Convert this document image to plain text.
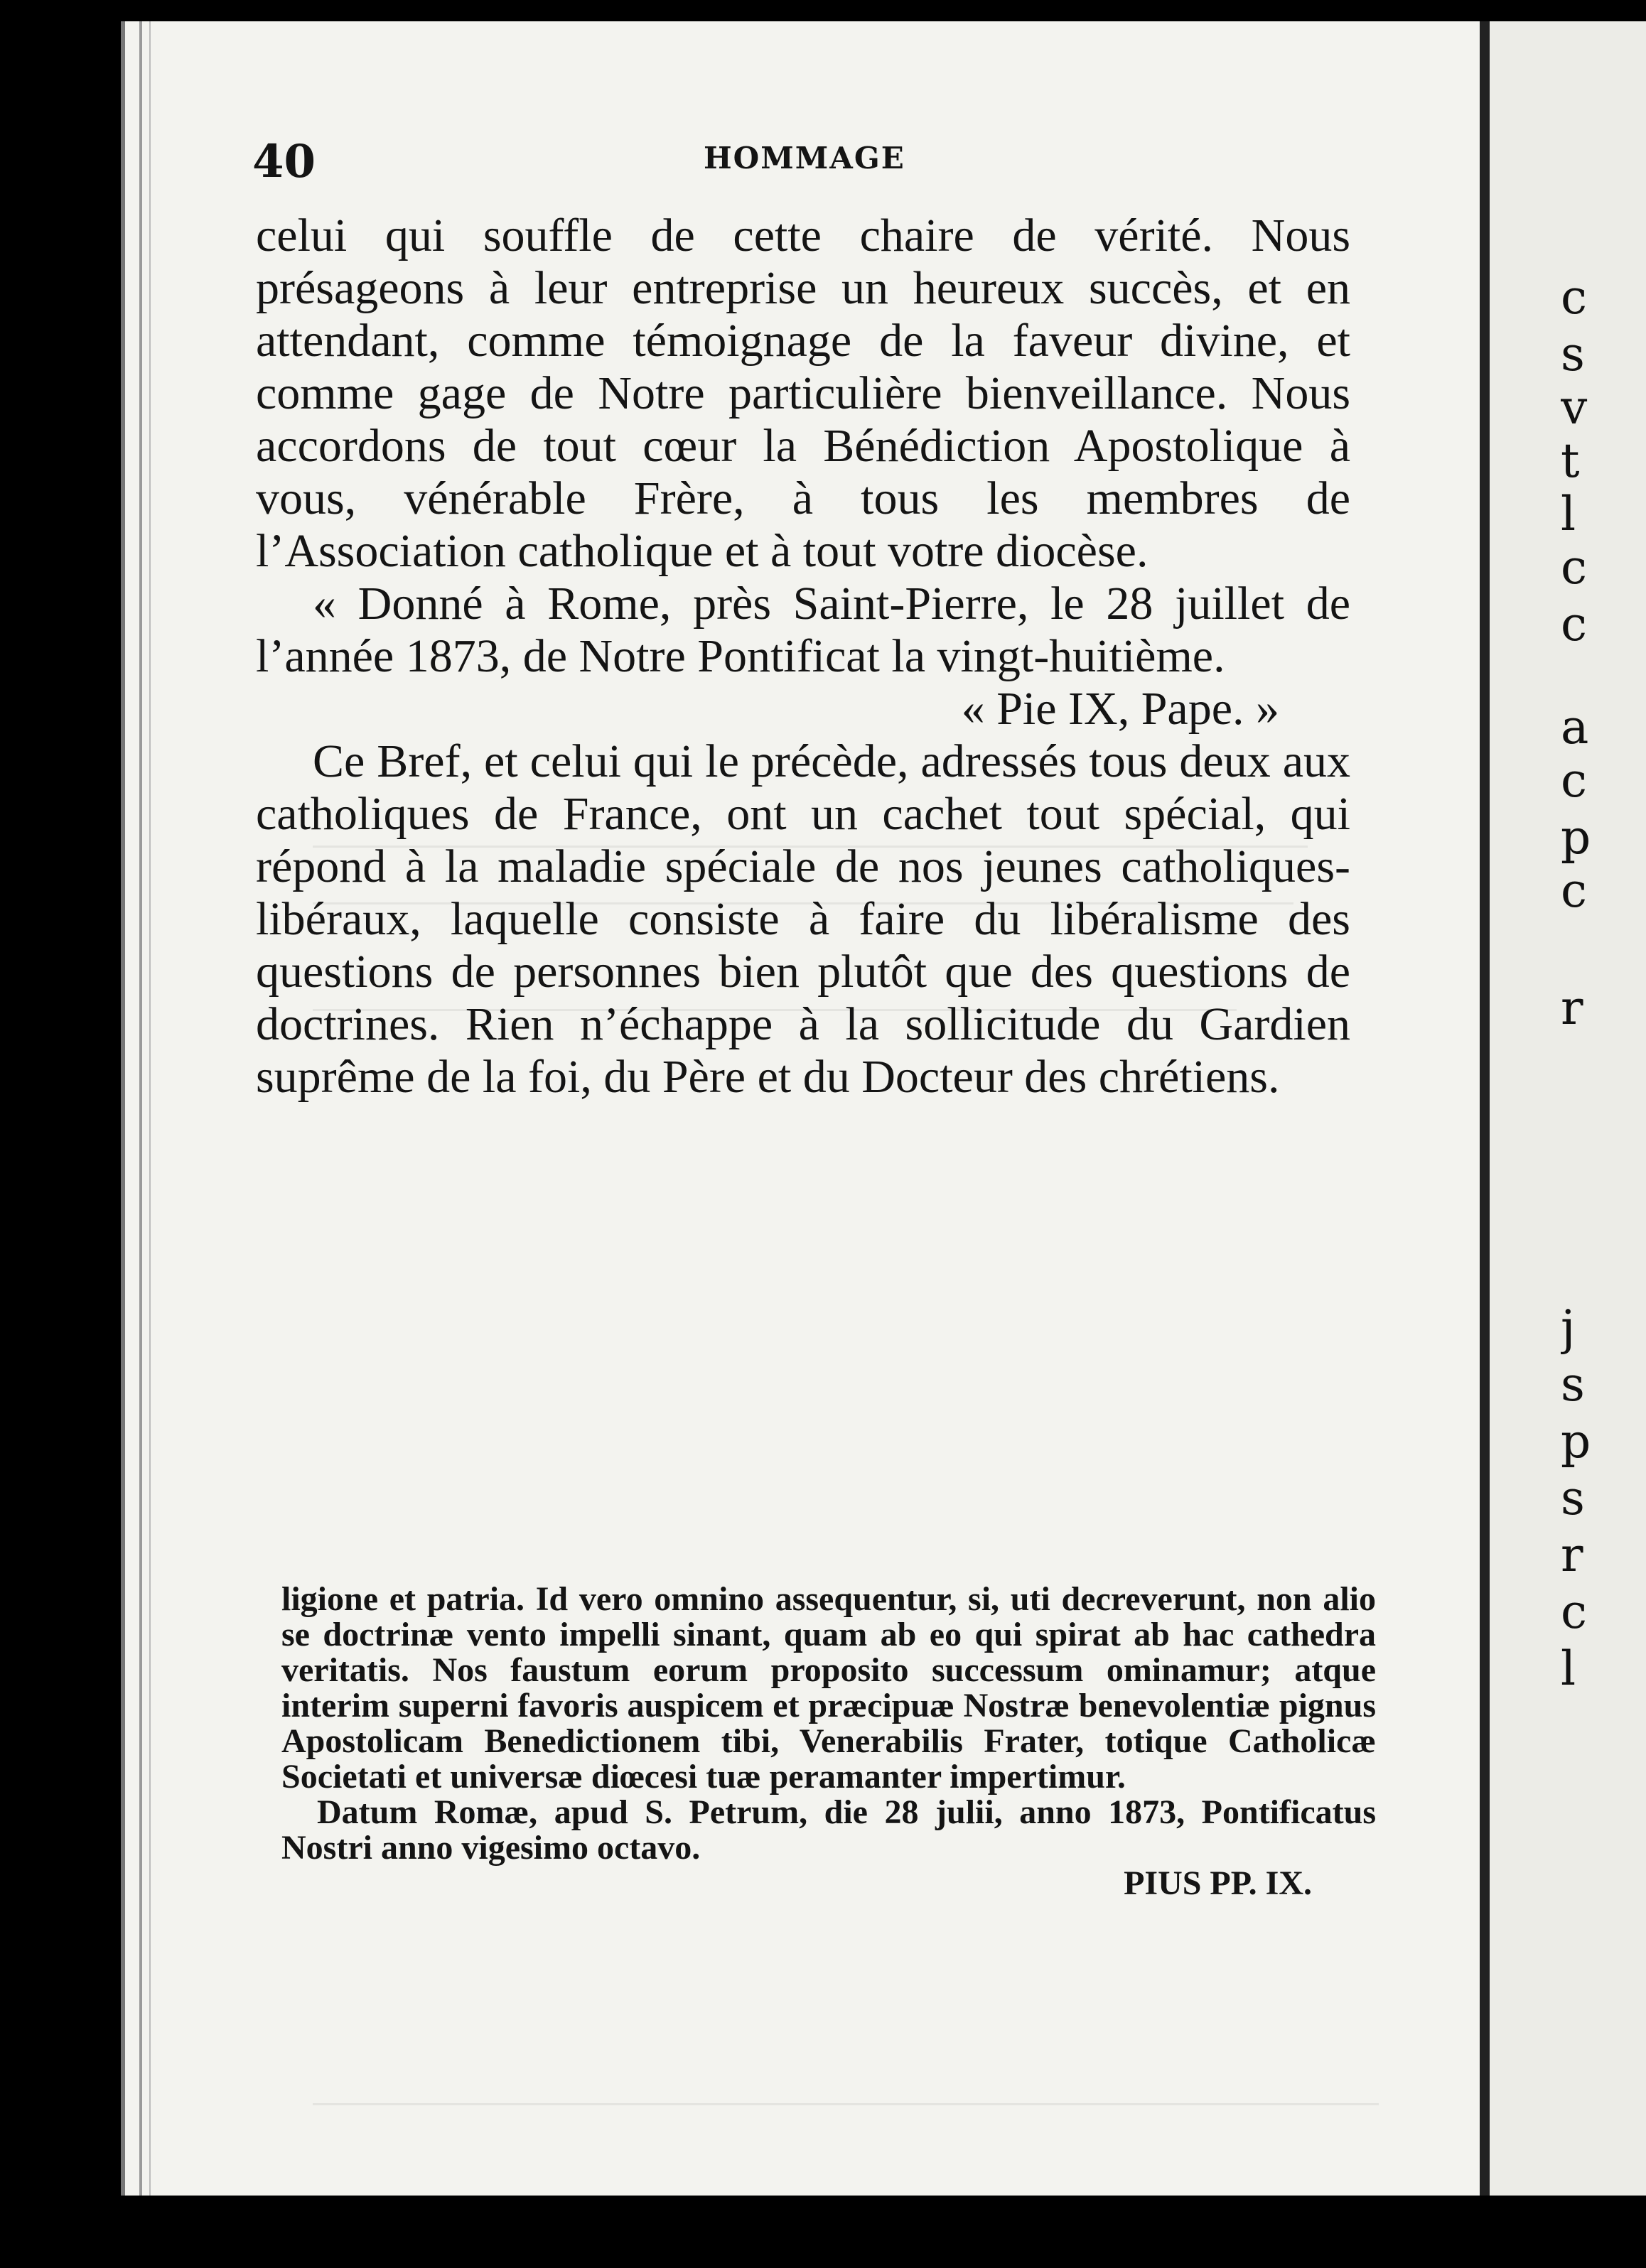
40	HOMMAGE

celui qui souffle de cette chaire de vérité. Nous présageons à leur entreprise un heureux succès, et en attendant, comme témoignage de la faveur divine, et comme gage de Notre particulière bienveillance. Nous accordons de tout cœur la Bénédiction Apostolique à vous, vénérable Frère, à tous les membres de l’Association catholique et à tout votre diocèse.

« Donné à Rome, près Saint-Pierre, le 28 juillet de l’année 1873, de Notre Pontificat la vingt-huitième.

« Pie IX, Pape. »

Ce Bref, et celui qui le précède, adressés tous deux aux catholiques de France, ont un cachet tout spécial, qui répond à la maladie spéciale de nos jeunes catholiques-libéraux, laquelle consiste à faire du libéralisme des questions de personnes bien plutôt que des questions de doctrines. Rien n’échappe à la sollicitude du Gardien suprême de la foi, du Père et du Docteur des chrétiens.

ligione et patria. Id vero omnino assequentur, si, uti decreverunt, non alio se doctrinæ vento impelli sinant, quam ab eo qui spirat ab hac cathedra veritatis. Nos faustum eorum proposito successum ominamur; atque interim superni favoris auspicem et præcipuæ Nostræ benevolentiæ pignus Apostolicam Benedictionem tibi, Venerabilis Frater, totique Catholicæ Societati et universæ diœcesi tuæ peramanter impertimur.

Datum Romæ, apud S. Petrum, die 28 julii, anno 1873, Pontificatus Nostri anno vigesimo octavo.

PIUS PP. IX.

c
s
v
t
l
c
c
a
c
p
c
r
j
s
p
s
r
c
l
